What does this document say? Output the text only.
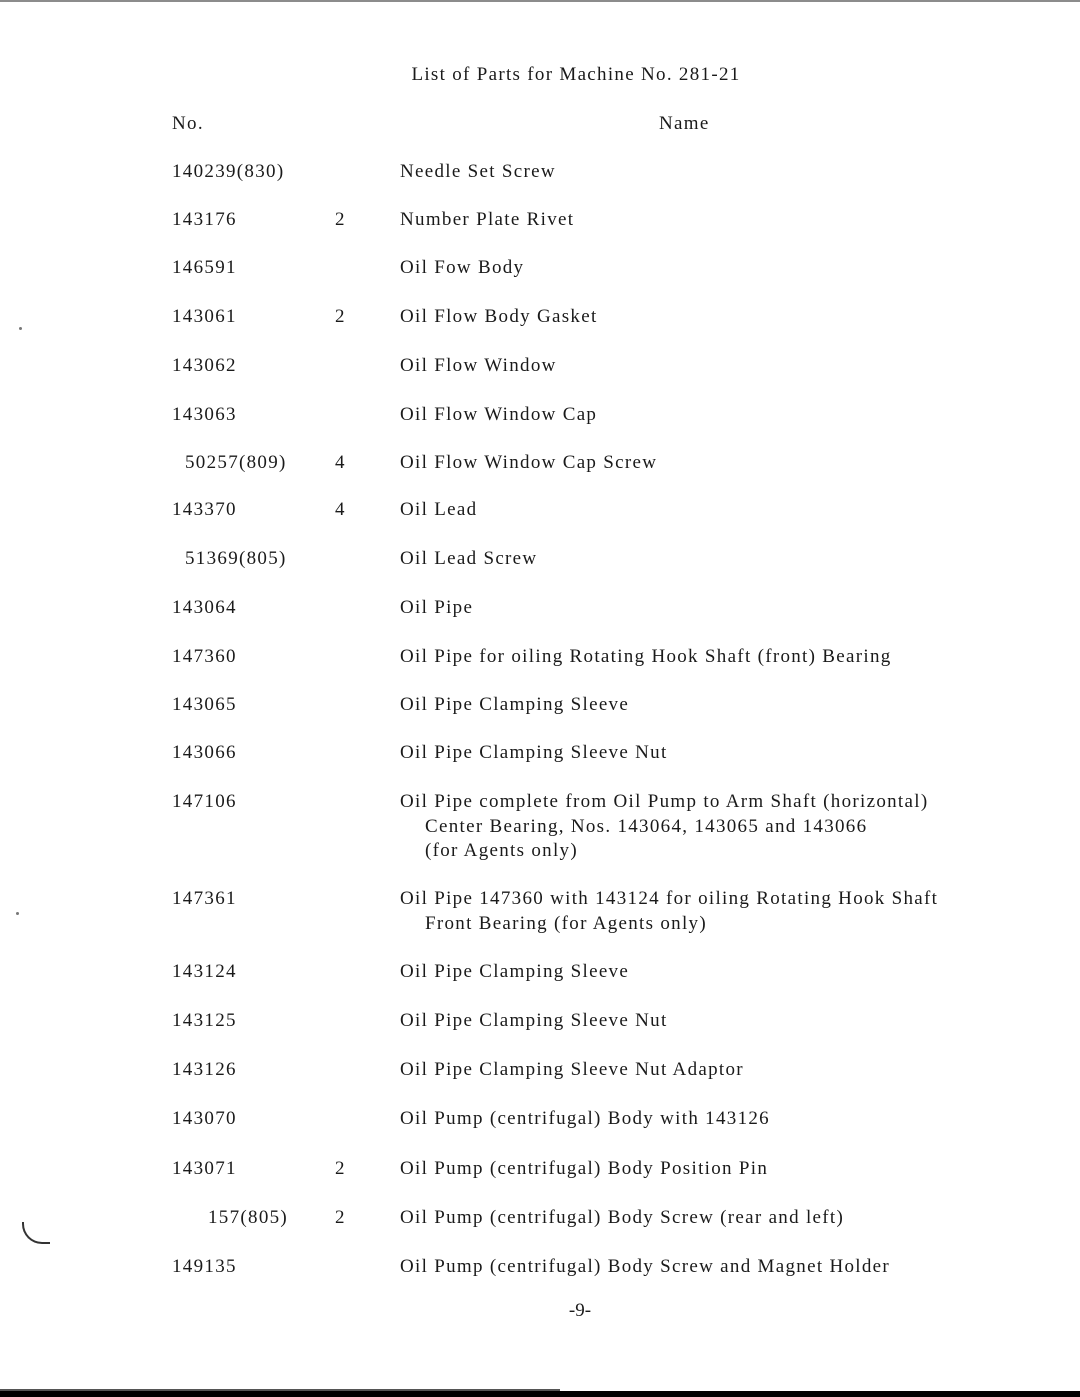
List of Parts for Machine No. 281-21
No.	Name
140239(830)	Needle Set Screw
143176	2	Number Plate Rivet
146591	Oil Fow Body
143061	2	Oil Flow Body Gasket
143062	Oil Flow Window
143063	Oil Flow Window Cap
50257(809)	4	Oil Flow Window Cap Screw
143370	4	Oil Lead
51369(805)	Oil Lead Screw
143064	Oil Pipe
147360	Oil Pipe for oiling Rotating Hook Shaft (front) Bearing
143065	Oil Pipe Clamping Sleeve
143066	Oil Pipe Clamping Sleeve Nut
147106	Oil Pipe complete from Oil Pump to Arm Shaft (horizontal)
Center Bearing, Nos. 143064, 143065 and 143066
(for Agents only)
147361	Oil Pipe 147360 with 143124 for oiling Rotating Hook Shaft
Front Bearing (for Agents only)
143124	Oil Pipe Clamping Sleeve
143125	Oil Pipe Clamping Sleeve Nut
143126	Oil Pipe Clamping Sleeve Nut Adaptor
143070	Oil Pump (centrifugal) Body with 143126
143071	2	Oil Pump (centrifugal) Body Position Pin
157(805) 2	Oil Pump (centrifugal) Body Screw (rear and left)
149135	Oil Pump (centrifugal) Body Screw and Magnet Holder
-9-
